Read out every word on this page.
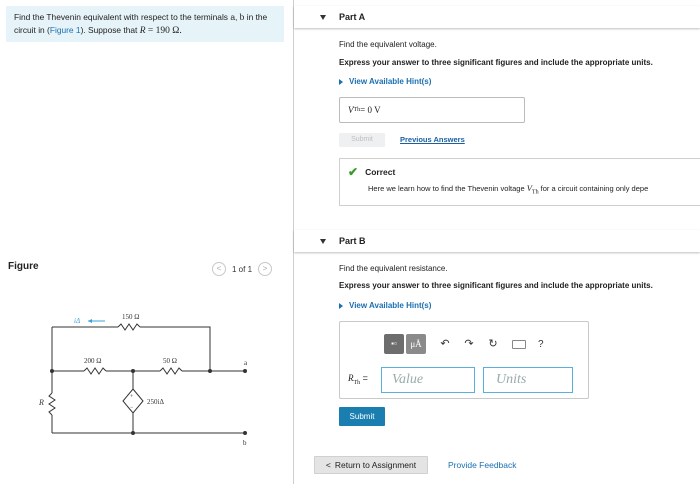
Find the Thevenin equivalent with respect to the terminals a, b in the circuit in (Figure 1). Suppose that R = 190 Ω.
Figure	<	1 of 1	>
iΔ	150 Ω
200 Ω	50 Ω
250iΔ
R
a
b
+
−
Part A
Find the equivalent voltage.
Express your answer to three significant figures and include the appropriate units.
View Available Hint(s)
V Th = 0 V
Submit	Previous Answers
✔ Correct
Here we learn how to find the Thevenin voltage $V_{Th}$ for a circuit containing only depe
Part B
Find the equivalent resistance.
Express your answer to three significant figures and include the appropriate units.
View Available Hint(s)
▪▫	μÅ	↶ ↷ ↻	?
$R_{Th}$ =	Value	Units
Submit
< Return to Assignment	Provide Feedback
